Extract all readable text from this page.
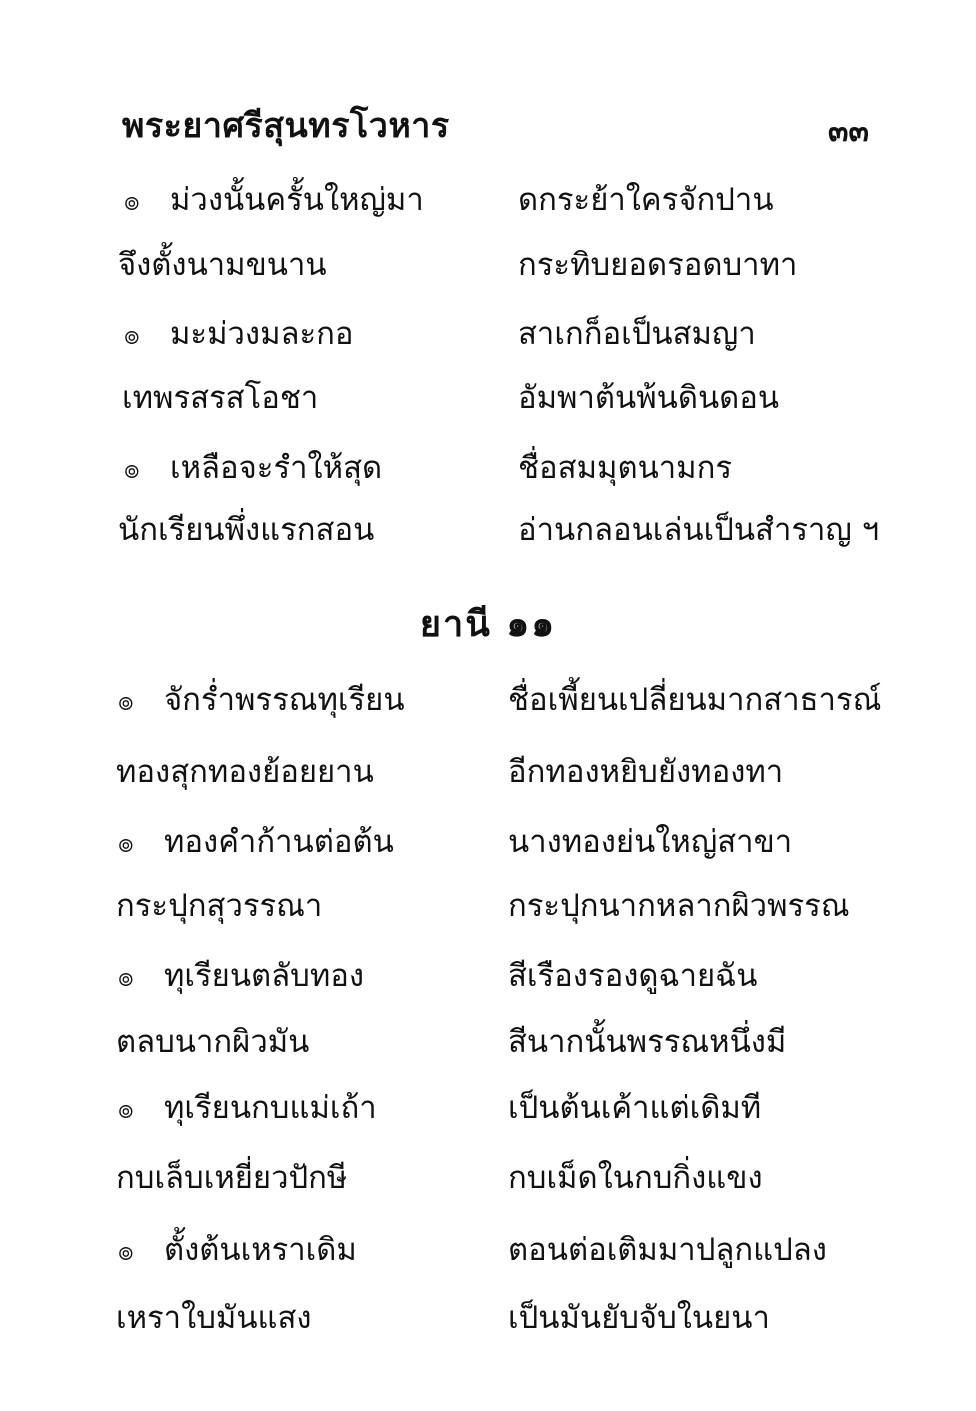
พระยาศรีสุนทรโวหาร	๓๓
๏ ม่วงนั้นครั้นใหญ่มา	ดกระย้าใครจักปาน
จึงตั้งนามขนาน	กระทิบยอดรอดบาทา
๏ มะม่วงมละกอ	สาเกก็อเป็นสมญา
เทพรสรสโอชา	อัมพาต้นพ้นดินดอน
๏ เหลือจะรำให้สุด	ชื่อสมมุตนามกร
นักเรียนพึ่งแรกสอน	อ่านกลอนเล่นเป็นสำราญ ฯ
ยานี ๑๑
๏ จักร่ำพรรณทุเรียน	ชื่อเพี้ยนเปลี่ยนมากสาธารณ์
ทองสุกทองย้อยยาน	อีกทองหยิบยังทองทา
๏ ทองคำก้านต่อต้น	นางทองย่นใหญ่สาขา
กระปุกสุวรรณา	กระปุกนากหลากผิวพรรณ
๏ ทุเรียนตลับทอง	สีเรืองรองดูฉายฉัน
ตลบนากผิวมัน	สีนากนั้นพรรณหนึ่งมี
๏ ทุเรียนกบแม่เถ้า	เป็นต้นเค้าแต่เดิมที
กบเล็บเหยี่ยวปักษี	กบเม็ดในกบกิ่งแขง
๏ ตั้งต้นเหราเดิม	ตอนต่อเติมมาปลูกแปลง
เหราใบมันแสง	เป็นมันยับจับในยนา
